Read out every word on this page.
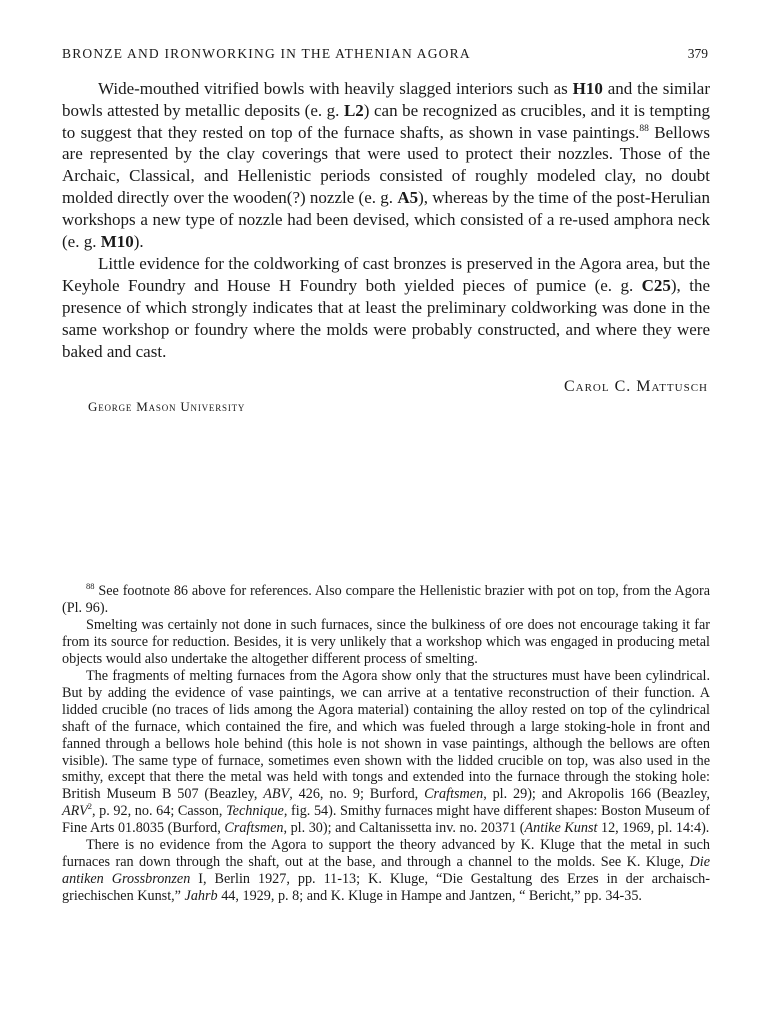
BRONZE AND IRONWORKING IN THE ATHENIAN AGORA	379

Wide-mouthed vitrified bowls with heavily slagged interiors such as H10 and the similar bowls attested by metallic deposits (e. g. L2) can be recognized as crucibles, and it is tempting to suggest that they rested on top of the furnace shafts, as shown in vase paintings.$^{88}$ Bellows are represented by the clay coverings that were used to protect their nozzles. Those of the Archaic, Classical, and Hellenistic periods consisted of roughly modeled clay, no doubt molded directly over the wooden(?) nozzle (e. g. A5), whereas by the time of the post-Herulian workshops a new type of nozzle had been devised, which consisted of a re-used amphora neck (e. g. M10).

Little evidence for the coldworking of cast bronzes is preserved in the Agora area, but the Keyhole Foundry and House H Foundry both yielded pieces of pumice (e. g. C25), the presence of which strongly indicates that at least the preliminary coldworking was done in the same workshop or foundry where the molds were probably constructed, and where they were baked and cast.

Carol C. Mattusch
George Mason University

$^{88}$ See footnote 86 above for references. Also compare the Hellenistic brazier with pot on top, from the Agora (Pl. 96).

Smelting was certainly not done in such furnaces, since the bulkiness of ore does not encourage taking it far from its source for reduction. Besides, it is very unlikely that a workshop which was engaged in producing metal objects would also undertake the altogether different process of smelting.

The fragments of melting furnaces from the Agora show only that the structures must have been cylindrical. But by adding the evidence of vase paintings, we can arrive at a tentative reconstruction of their function. A lidded crucible (no traces of lids among the Agora material) containing the alloy rested on top of the cylindrical shaft of the furnace, which contained the fire, and which was fueled through a large stoking-hole in front and fanned through a bellows hole behind (this hole is not shown in vase paintings, although the bellows are often visible). The same type of furnace, sometimes even shown with the lidded crucible on top, was also used in the smithy, except that there the metal was held with tongs and extended into the furnace through the stoking hole: British Museum B 507 (Beazley, ABV, 426, no. 9; Burford, Craftsmen, pl. 29); and Akropolis 166 (Beazley, ARV$^2$, p. 92, no. 64; Casson, Technique, fig. 54). Smithy furnaces might have different shapes: Boston Museum of Fine Arts 01.8035 (Burford, Craftsmen, pl. 30); and Caltanissetta inv. no. 20371 (Antike Kunst 12, 1969, pl. 14:4).

There is no evidence from the Agora to support the theory advanced by K. Kluge that the metal in such furnaces ran down through the shaft, out at the base, and through a channel to the molds. See K. Kluge, Die antiken Grossbronzen I, Berlin 1927, pp. 11-13; K. Kluge, “Die Gestaltung des Erzes in der archaisch-griechischen Kunst,” Jahrb 44, 1929, p. 8; and K. Kluge in Hampe and Jantzen, “ Bericht,” pp. 34-35.
